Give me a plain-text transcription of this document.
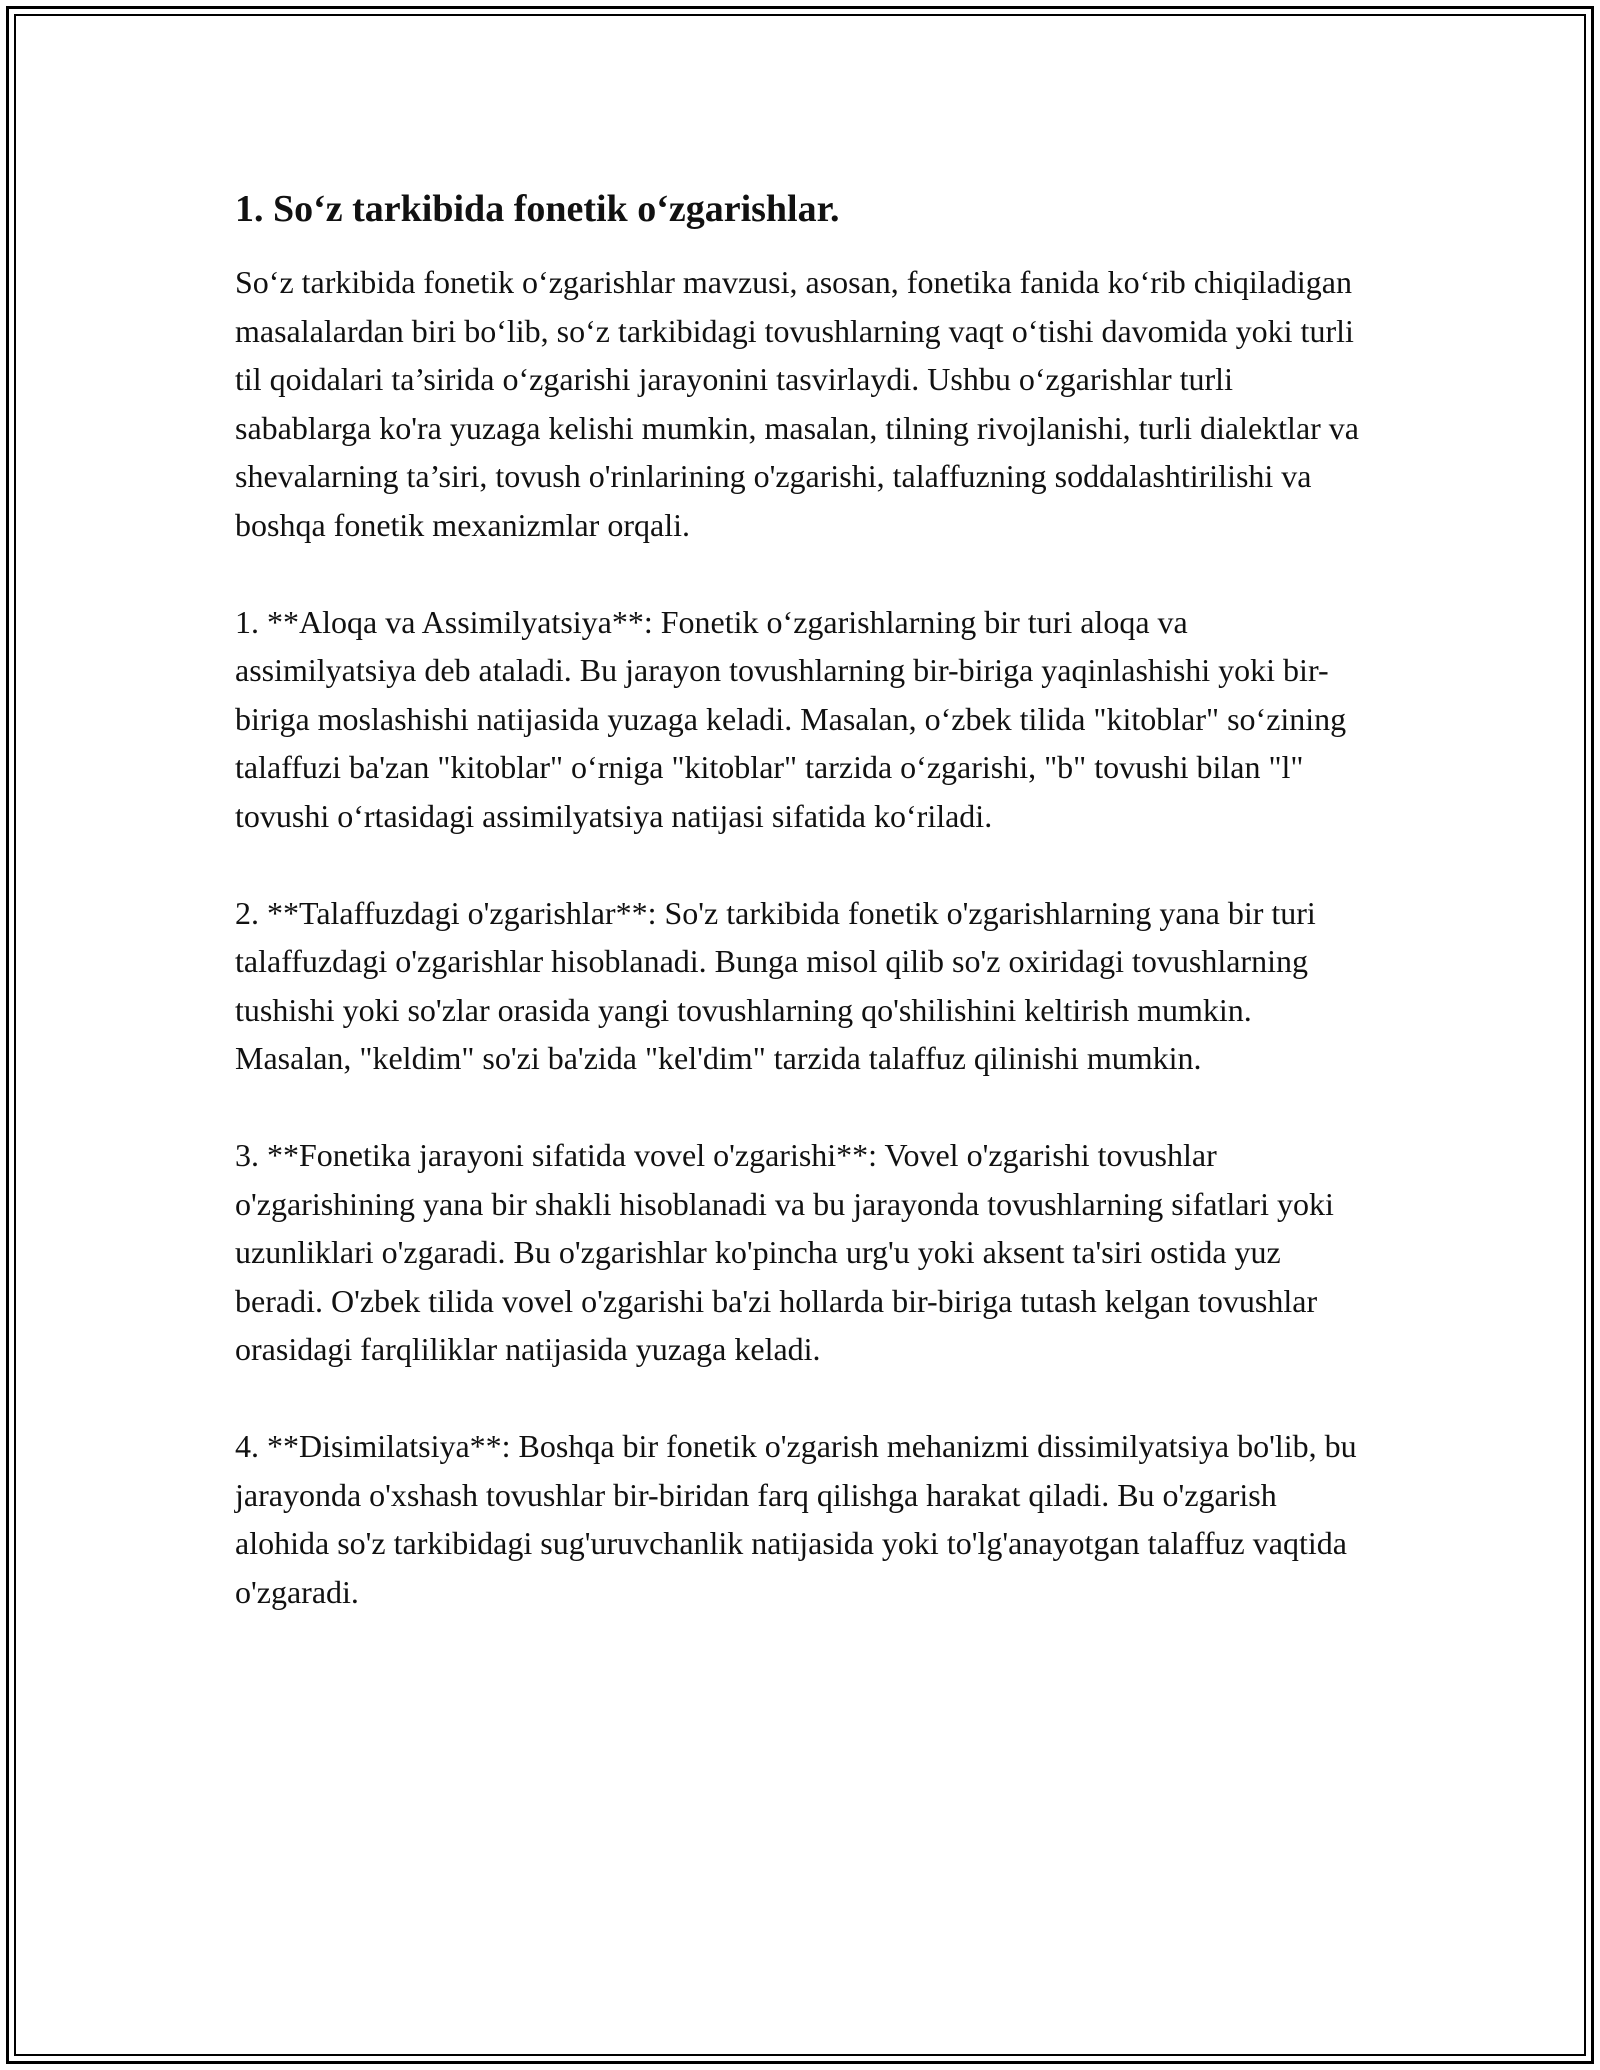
1. So‘z tarkibida fonetik o‘zgarishlar.

So‘z tarkibida fonetik o‘zgarishlar mavzusi, asosan, fonetika fanida ko‘rib chiqiladigan masalalardan biri bo‘lib, so‘z tarkibidagi tovushlarning vaqt o‘tishi davomida yoki turli til qoidalari ta’sirida o‘zgarishi jarayonini tasvirlaydi. Ushbu o‘zgarishlar turli sabablarga ko'ra yuzaga kelishi mumkin, masalan, tilning rivojlanishi, turli dialektlar va shevalarning ta’siri, tovush o'rinlarining o'zgarishi, talaffuzning soddalashtirilishi va boshqa fonetik mexanizmlar orqali.

1. **Aloqa va Assimilyatsiya**: Fonetik o‘zgarishlarning bir turi aloqa va assimilyatsiya deb ataladi. Bu jarayon tovushlarning bir-biriga yaqinlashishi yoki bir-biriga moslashishi natijasida yuzaga keladi. Masalan, o‘zbek tilida "kitoblar" so‘zining talaffuzi ba'zan "kitoblar" o‘rniga "kitoblar" tarzida o‘zgarishi, "b" tovushi bilan "l" tovushi o‘rtasidagi assimilyatsiya natijasi sifatida ko‘riladi.

2. **Talaffuzdagi o'zgarishlar**: So'z tarkibida fonetik o'zgarishlarning yana bir turi talaffuzdagi o'zgarishlar hisoblanadi. Bunga misol qilib so'z oxiridagi tovushlarning tushishi yoki so'zlar orasida yangi tovushlarning qo'shilishini keltirish mumkin. Masalan, "keldim" so'zi ba'zida "kel'dim" tarzida talaffuz qilinishi mumkin.

3. **Fonetika jarayoni sifatida vovel o'zgarishi**: Vovel o'zgarishi tovushlar o'zgarishining yana bir shakli hisoblanadi va bu jarayonda tovushlarning sifatlari yoki uzunliklari o'zgaradi. Bu o'zgarishlar ko'pincha urg'u yoki aksent ta'siri ostida yuz beradi. O'zbek tilida vovel o'zgarishi ba'zi hollarda bir-biriga tutash kelgan tovushlar orasidagi farqliliklar natijasida yuzaga keladi.

4. **Disimilatsiya**: Boshqa bir fonetik o'zgarish mehanizmi dissimilyatsiya bo'lib, bu jarayonda o'xshash tovushlar bir-biridan farq qilishga harakat qiladi. Bu o'zgarish alohida so'z tarkibidagi sug'uruvchanlik natijasida yoki to'lg'anayotgan talaffuz vaqtida o'zgaradi.
